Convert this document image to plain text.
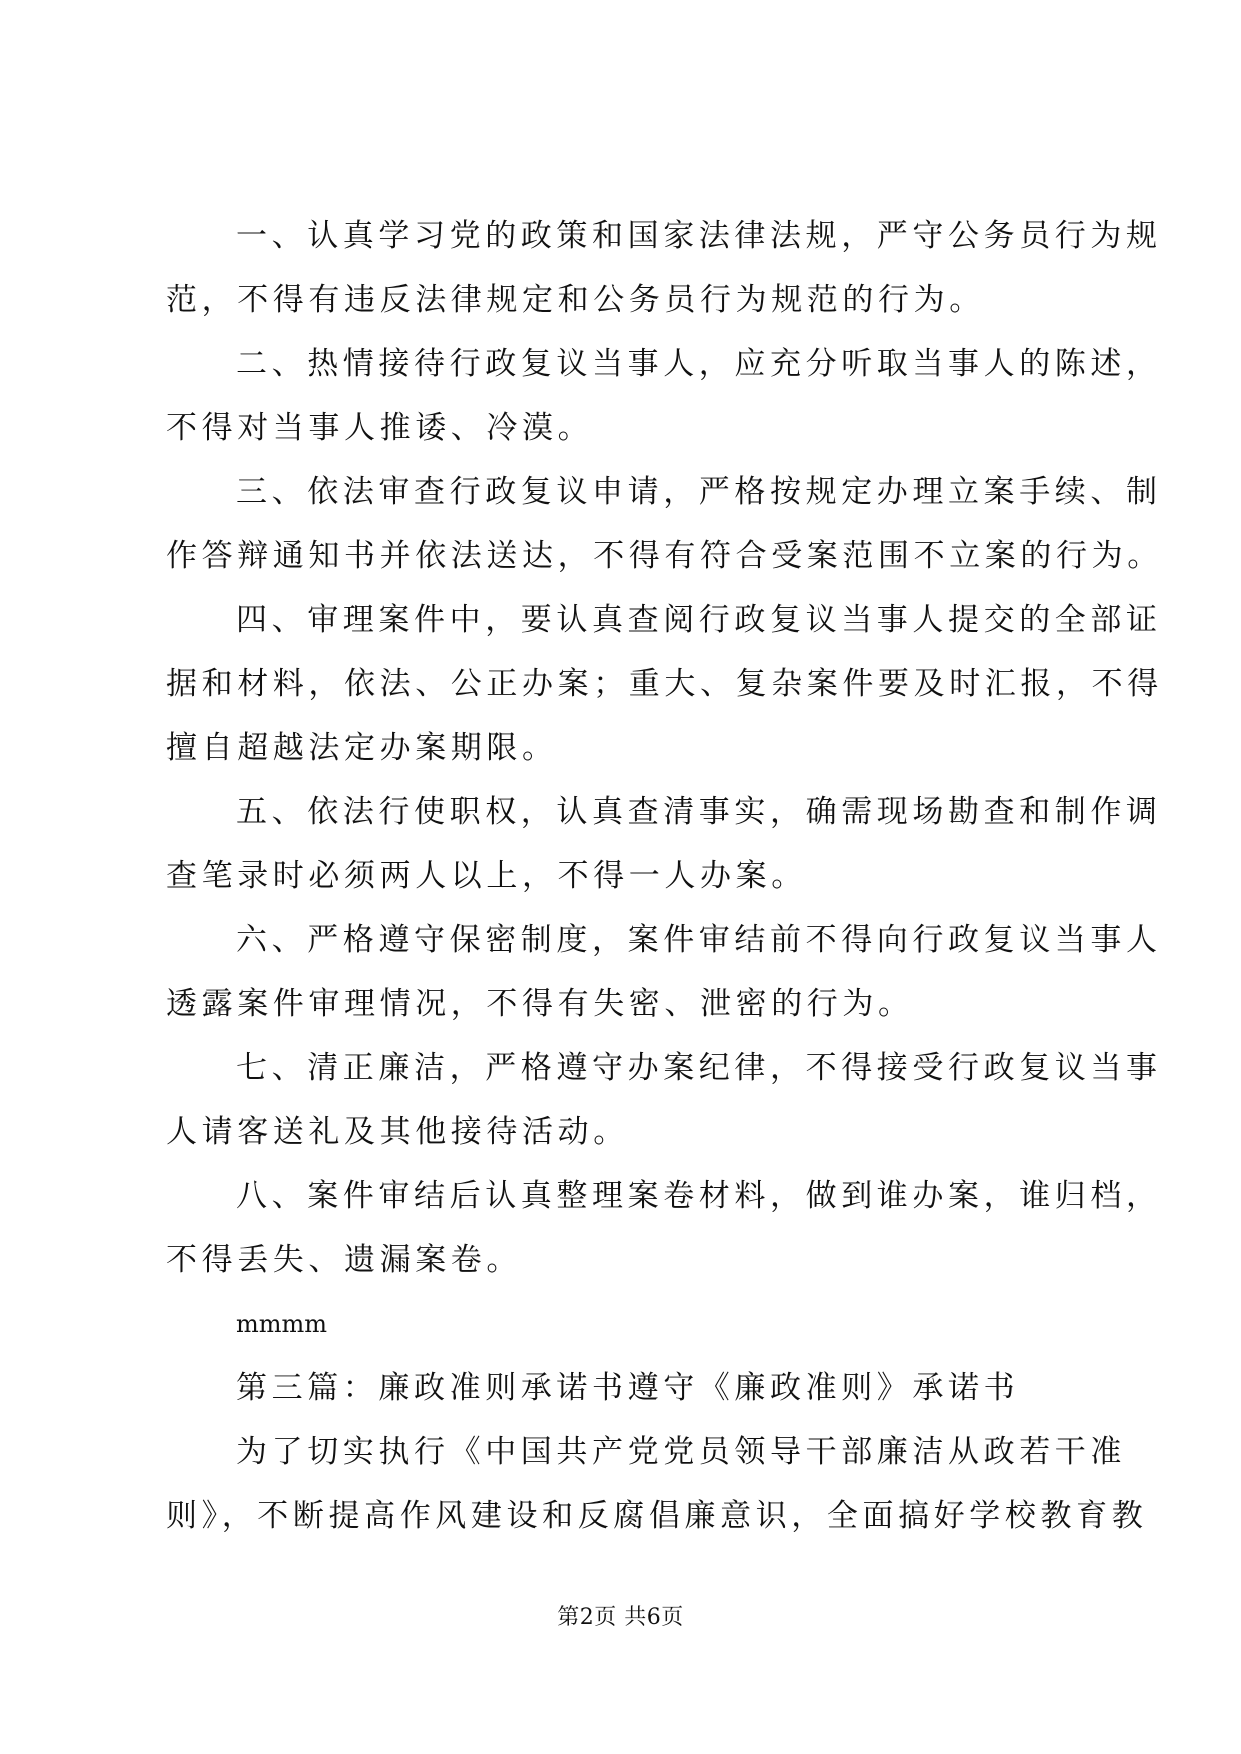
一、认真学习党的政策和国家法律法规，严守公务员行为规
范，不得有违反法律规定和公务员行为规范的行为。
二、热情接待行政复议当事人，应充分听取当事人的陈述，
不得对当事人推诿、冷漠。
三、依法审查行政复议申请，严格按规定办理立案手续、制
作答辩通知书并依法送达，不得有符合受案范围不立案的行为。
四、审理案件中，要认真查阅行政复议当事人提交的全部证
据和材料，依法、公正办案；重大、复杂案件要及时汇报，不得
擅自超越法定办案期限。
五、依法行使职权，认真查清事实，确需现场勘查和制作调
查笔录时必须两人以上，不得一人办案。
六、严格遵守保密制度，案件审结前不得向行政复议当事人
透露案件审理情况，不得有失密、泄密的行为。
七、清正廉洁，严格遵守办案纪律，不得接受行政复议当事
人请客送礼及其他接待活动。
八、案件审结后认真整理案卷材料，做到谁办案，谁归档，
不得丢失、遗漏案卷。
mmmm
第三篇：廉政准则承诺书遵守《廉政准则》承诺书
为了切实执行《中国共产党党员领导干部廉洁从政若干准
则》，不断提高作风建设和反腐倡廉意识，全面搞好学校教育教
第2页 共6页
